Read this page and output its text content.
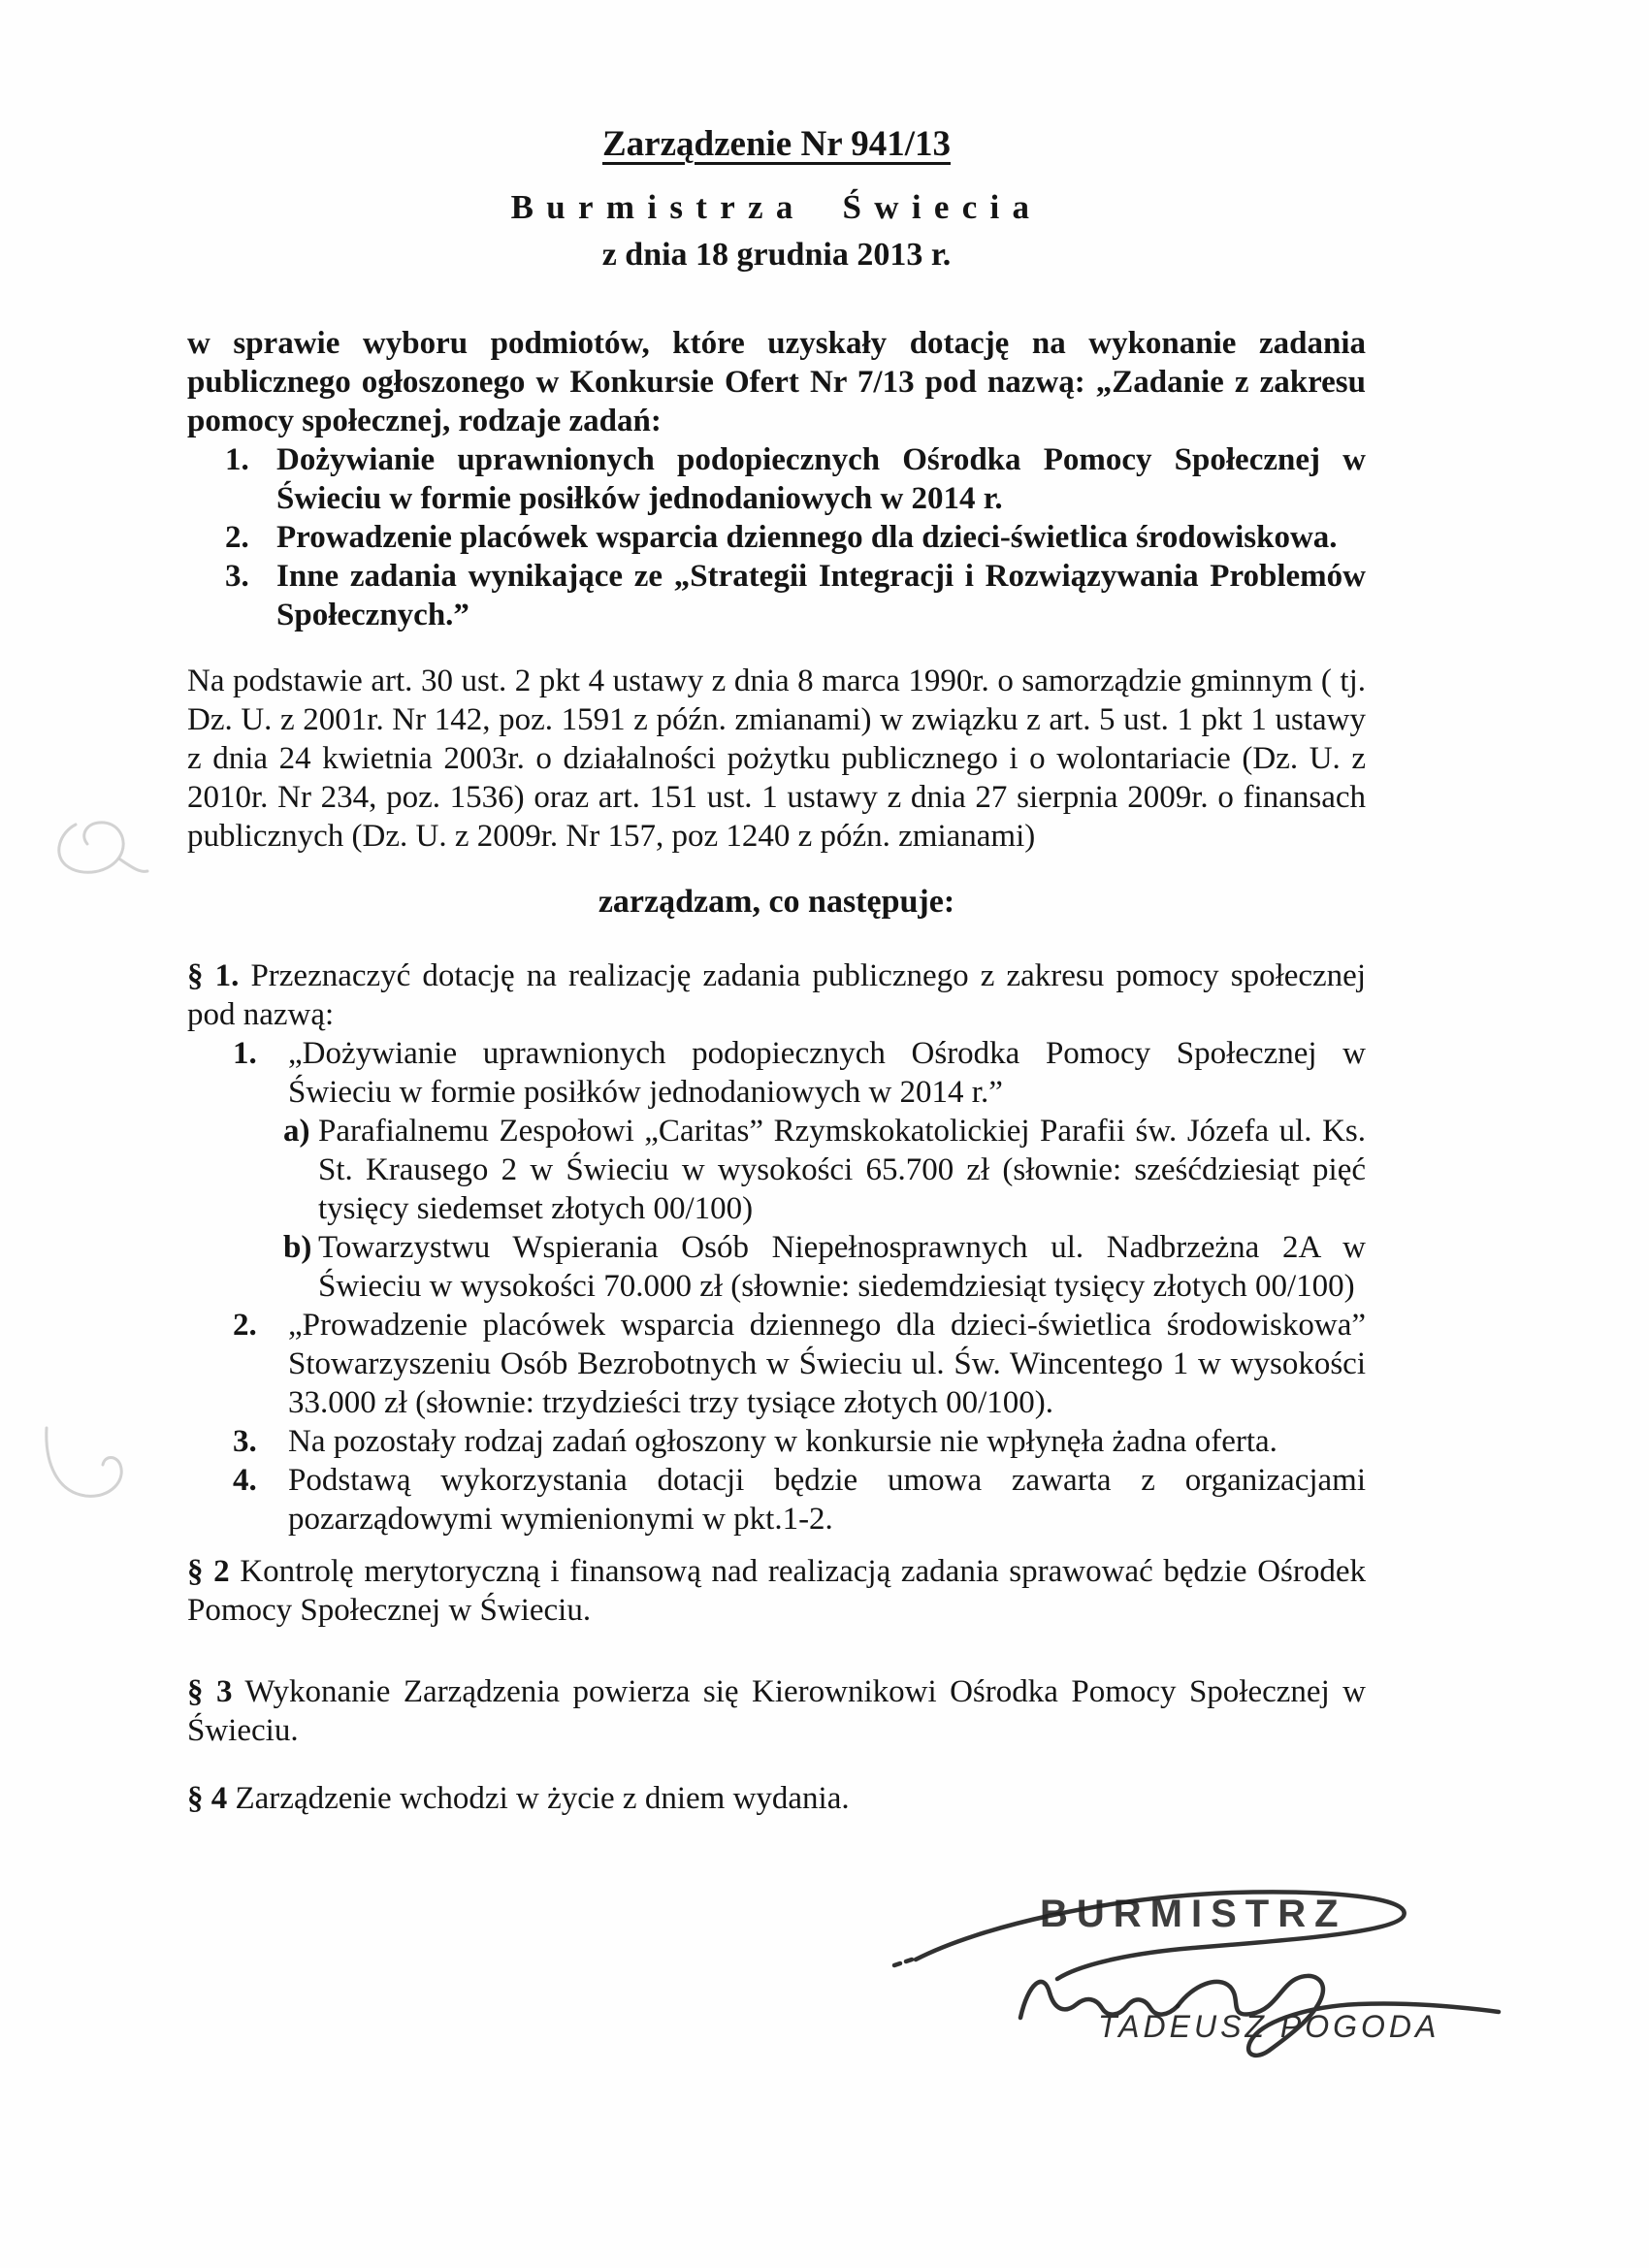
Zarządzenie Nr 941/13
Burmistrza Świecia
z dnia 18 grudnia 2013 r.

w sprawie wyboru podmiotów, które uzyskały dotację na wykonanie zadania publicznego ogłoszonego w Konkursie Ofert Nr 7/13 pod nazwą: „Zadanie z zakresu pomocy społecznej, rodzaje zadań:

1. Dożywianie uprawnionych podopiecznych Ośrodka Pomocy Społecznej w Świeciu w formie posiłków jednodaniowych w 2014 r.
2. Prowadzenie placówek wsparcia dziennego dla dzieci-świetlica środowiskowa.
3. Inne zadania wynikające ze „Strategii Integracji i Rozwiązywania Problemów Społecznych.”

Na podstawie art. 30 ust. 2 pkt 4 ustawy z dnia 8 marca 1990r. o samorządzie gminnym ( tj. Dz. U. z 2001r. Nr 142, poz. 1591 z późn. zmianami) w związku z art. 5 ust. 1 pkt 1 ustawy z dnia 24 kwietnia 2003r. o działalności pożytku publicznego i o wolontariacie (Dz. U. z 2010r. Nr 234, poz. 1536) oraz art. 151 ust. 1 ustawy z dnia 27 sierpnia 2009r. o finansach publicznych (Dz. U. z 2009r. Nr 157, poz 1240 z późn. zmianami)

zarządzam, co następuje:

§ 1. Przeznaczyć dotację na realizację zadania publicznego z zakresu pomocy społecznej pod nazwą:

1. „Dożywianie uprawnionych podopiecznych Ośrodka Pomocy Społecznej w Świeciu w formie posiłków jednodaniowych w 2014 r.”
a) Parafialnemu Zespołowi „Caritas” Rzymskokatolickiej Parafii św. Józefa ul. Ks. St. Krausego 2 w Świeciu w wysokości 65.700 zł (słownie: sześćdziesiąt pięć tysięcy siedemset złotych 00/100)
b) Towarzystwu Wspierania Osób Niepełnosprawnych ul. Nadbrzeżna 2A w Świeciu w wysokości 70.000 zł (słownie: siedemdziesiąt tysięcy złotych 00/100)
2. „Prowadzenie placówek wsparcia dziennego dla dzieci-świetlica środowiskowa” Stowarzyszeniu Osób Bezrobotnych w Świeciu ul. Św. Wincentego 1 w wysokości 33.000 zł (słownie: trzydzieści trzy tysiące złotych 00/100).
3. Na pozostały rodzaj zadań ogłoszony w konkursie nie wpłynęła żadna oferta.
4. Podstawą wykorzystania dotacji będzie umowa zawarta z organizacjami pozarządowymi wymienionymi w pkt.1-2.

§ 2 Kontrolę merytoryczną i finansową nad realizacją zadania sprawować będzie Ośrodek Pomocy Społecznej w Świeciu.

§ 3 Wykonanie Zarządzenia powierza się Kierownikowi Ośrodka Pomocy Społecznej w Świeciu.

§ 4 Zarządzenie wchodzi w życie z dniem wydania.

BURMISTRZ
TADEUSZ POGODA
